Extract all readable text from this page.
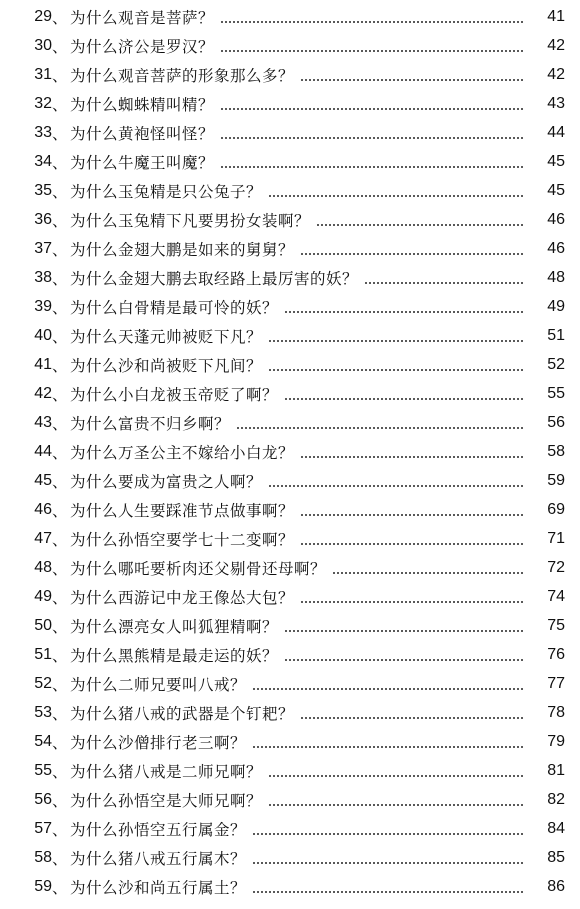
29 、 为什么观音是菩萨？	41
30 、 为什么济公是罗汉？	42
31 、 为什么观音菩萨的形象那么多？	42
32 、 为什么蜘蛛精叫精？	43
33 、 为什么黄袍怪叫怪？	44
34 、 为什么牛魔王叫魔？	45
35 、 为什么玉兔精是只公兔子？	45
36 、 为什么玉兔精下凡要男扮女装啊？	46
37 、 为什么金翅大鹏是如来的舅舅？	46
38 、 为什么金翅大鹏去取经路上最厉害的妖？	48
39 、 为什么白骨精是最可怜的妖？	49
40 、 为什么天蓬元帅被贬下凡？	51
41 、 为什么沙和尚被贬下凡间？	52
42 、 为什么小白龙被玉帝贬了啊？	55
43 、 为什么富贵不归乡啊？	56
44 、 为什么万圣公主不嫁给小白龙？	58
45 、 为什么要成为富贵之人啊？	59
46 、 为什么人生要踩准节点做事啊？	69
47 、 为什么孙悟空要学七十二变啊？	71
48 、 为什么哪吒要析肉还父剔骨还母啊？	72
49 、 为什么西游记中龙王像怂大包？	74
50 、 为什么漂亮女人叫狐狸精啊？	75
51 、 为什么黑熊精是最走运的妖？	76
52 、 为什么二师兄要叫八戒？	77
53 、 为什么猪八戒的武器是个钉耙？	78
54 、 为什么沙僧排行老三啊？	79
55 、 为什么猪八戒是二师兄啊？	81
56 、 为什么孙悟空是大师兄啊？	82
57 、 为什么孙悟空五行属金？	84
58 、 为什么猪八戒五行属木？	85
59 、 为什么沙和尚五行属土？	86
